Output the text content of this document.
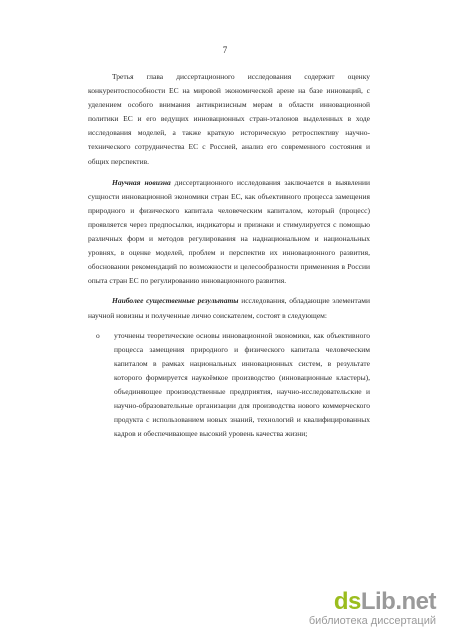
7

Третья глава диссертационного исследования содержит оценку конкурентоспособности ЕС на мировой экономической арене на базе инноваций, с уделением особого внимания антикризисным мерам в области инновационной политики ЕС и его ведущих инновационных стран-эталонов выделенных в ходе исследования моделей, а также краткую историческую ретроспективу научно-технического сотрудничества ЕС с Россией, анализ его современного состояния и общих перспектив.

Научная новизна диссертационного исследования заключается в выявлении сущности инновационной экономики стран ЕС, как объективного процесса замещения природного и физического капитала человеческим капиталом, который (процесс) проявляется через предпосылки, индикаторы и признаки и стимулируется с помощью различных форм и методов регулирования на наднациональном и национальных уровнях, в оценке моделей, проблем и перспектив их инновационного развития, обосновании рекомендаций по возможности и целесообразности применения в России опыта стран ЕС по регулированию инновационного развития.

Наиболее существенные результаты исследования, обладающие элементами научной новизны и полученные лично соискателем, состоят в следующем:

o уточнены теоретические основы инновационной экономики, как объективного процесса замещения природного и физического капитала человеческим капиталом в рамках национальных инновационных систем, в результате которого формируется наукоёмкое производство (инновационные кластеры), объединяющее производственные предприятия, научно-исследовательские и научно-образовательные организации для производства нового коммерческого продукта с использованием новых знаний, технологий и квалифицированных кадров и обеспечивающее высокий уровень качества жизни;
dsLib.net
библиотека диссертаций
